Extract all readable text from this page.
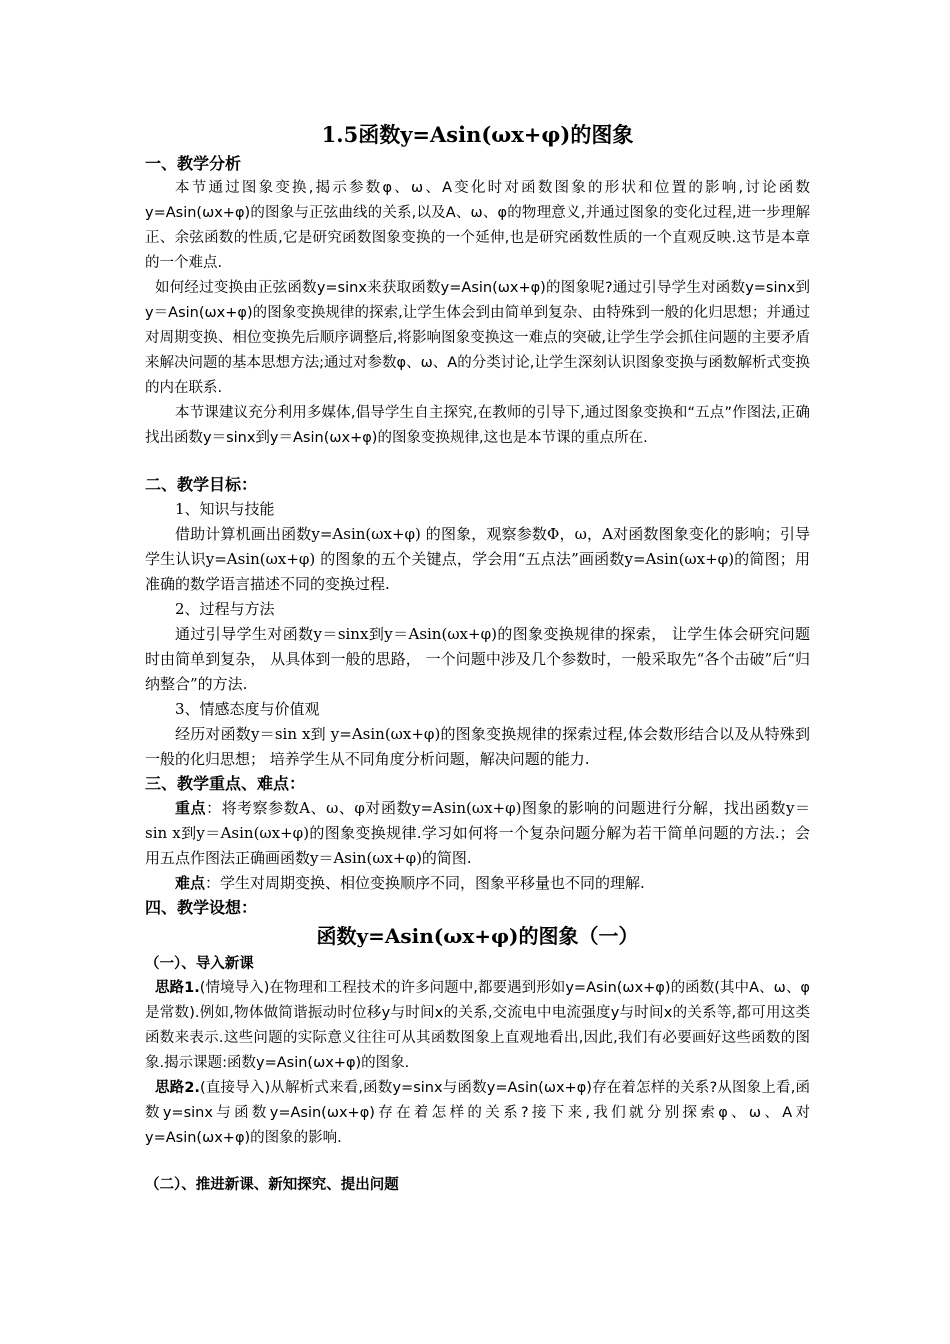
1.5函数y=Asin(ωx+φ)的图象

一、教学分析

本节通过图象变换,揭示参数φ、ω、A变化时对函数图象的形状和位置的影响,讨论函数y=Asin(ωx+φ)的图象与正弦曲线的关系,以及A、ω、φ的物理意义,并通过图象的变化过程,进一步理解正、余弦函数的性质,它是研究函数图象变换的一个延伸,也是研究函数性质的一个直观反映.这节是本章的一个难点.

如何经过变换由正弦函数y=sinx来获取函数y=Asin(ωx+φ)的图象呢?通过引导学生对函数y=sinx到y＝Asin(ωx+φ)的图象变换规律的探索,让学生体会到由简单到复杂、由特殊到一般的化归思想；并通过对周期变换、相位变换先后顺序调整后,将影响图象变换这一难点的突破,让学生学会抓住问题的主要矛盾来解决问题的基本思想方法;通过对参数φ、ω、A的分类讨论,让学生深刻认识图象变换与函数解析式变换的内在联系.

本节课建议充分利用多媒体,倡导学生自主探究,在教师的引导下,通过图象变换和“五点”作图法,正确找出函数y＝sinx到y＝Asin(ωx+φ)的图象变换规律,这也是本节课的重点所在.

二、教学目标：

1、知识与技能

借助计算机画出函数y=Asin(ωx+φ) 的图象，观察参数Φ，ω，A对函数图象变化的影响；引导学生认识y=Asin(ωx+φ) 的图象的五个关键点，学会用“五点法”画函数y=Asin(ωx+φ)的简图；用准确的数学语言描述不同的变换过程.

2、过程与方法

通过引导学生对函数y＝sinx到y＝Asin(ωx+φ)的图象变换规律的探索， 让学生体会研究问题时由简单到复杂， 从具体到一般的思路， 一个问题中涉及几个参数时，一般采取先“各个击破”后“归纳整合”的方法.

3、情感态度与价值观

经历对函数y＝sin x到 y=Asin(ωx+φ)的图象变换规律的探索过程,体会数形结合以及从特殊到一般的化归思想； 培养学生从不同角度分析问题，解决问题的能力.

三、教学重点、难点：

重点：将考察参数A、ω、φ对函数y=Asin(ωx+φ)图象的影响的问题进行分解，找出函数y＝sin x到y＝Asin(ωx+φ)的图象变换规律.学习如何将一个复杂问题分解为若干简单问题的方法.；会用五点作图法正确画函数y＝Asin(ωx+φ)的简图.

难点：学生对周期变换、相位变换顺序不同，图象平移量也不同的理解.

四、教学设想：

函数y=Asin(ωx+φ)的图象（一）

（一）、导入新课

思路1.(情境导入)在物理和工程技术的许多问题中,都要遇到形如y=Asin(ωx+φ)的函数(其中A、ω、φ是常数).例如,物体做简谐振动时位移y与时间x的关系,交流电中电流强度y与时间x的关系等,都可用这类函数来表示.这些问题的实际意义往往可从其函数图象上直观地看出,因此,我们有必要画好这些函数的图象.揭示课题:函数y=Asin(ωx+φ)的图象.

思路2.(直接导入)从解析式来看,函数y=sinx与函数y=Asin(ωx+φ)存在着怎样的关系?从图象上看,函数y=sinx与函数y=Asin(ωx+φ)存在着怎样的关系?接下来,我们就分别探索φ、ω、A对y=Asin(ωx+φ)的图象的影响.

（二）、推进新课、新知探究、提出问题
